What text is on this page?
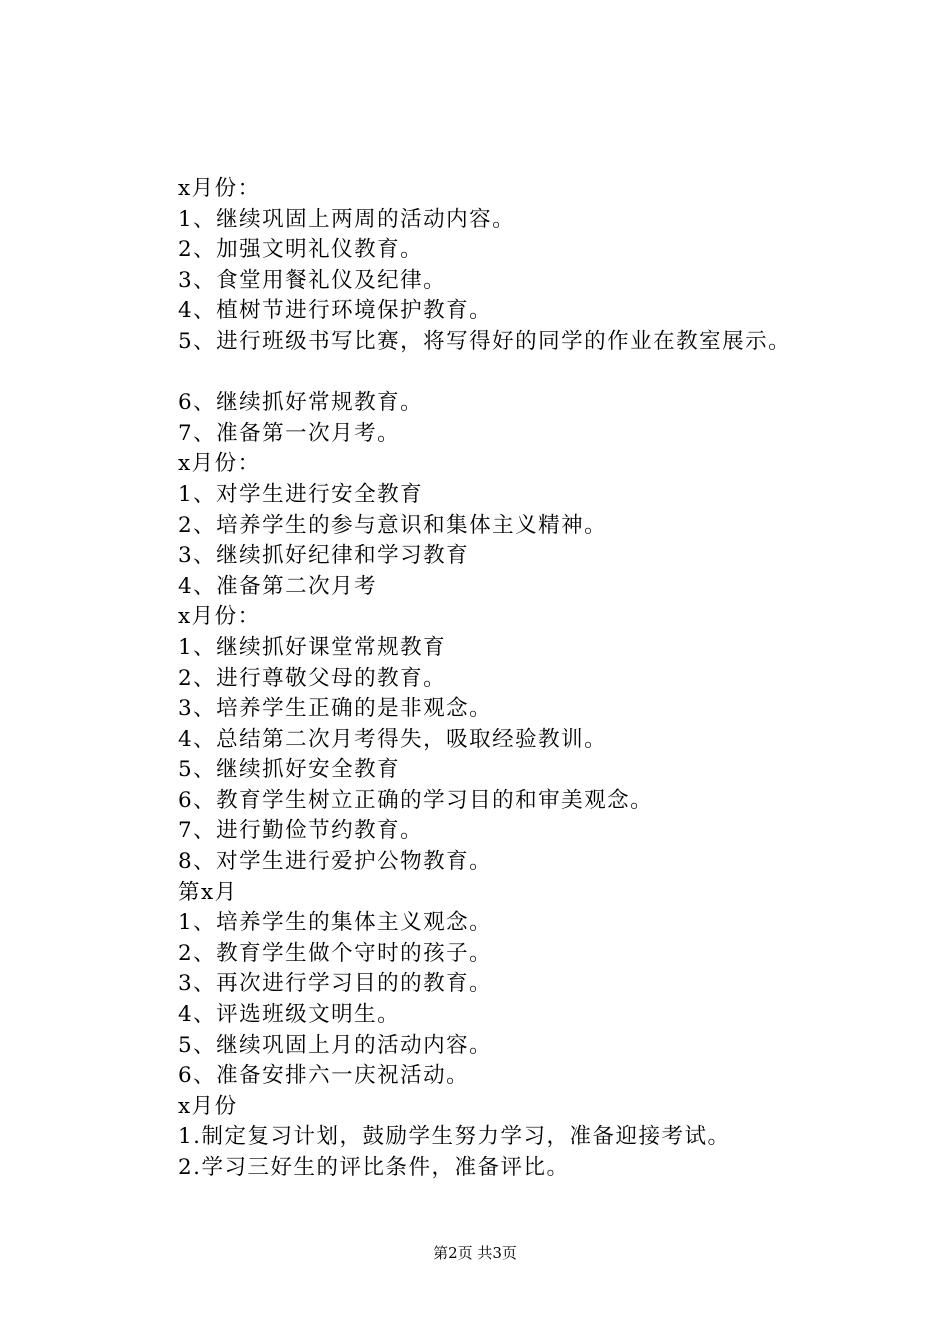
x月份：
1、继续巩固上两周的活动内容。
2、加强文明礼仪教育。
3、食堂用餐礼仪及纪律。
4、植树节进行环境保护教育。
5、进行班级书写比赛，将写得好的同学的作业在教室展示。
6、继续抓好常规教育。
7、准备第一次月考。
x月份：
1、对学生进行安全教育
2、培养学生的参与意识和集体主义精神。
3、继续抓好纪律和学习教育
4、准备第二次月考
x月份：
1、继续抓好课堂常规教育
2、进行尊敬父母的教育。
3、培养学生正确的是非观念。
4、总结第二次月考得失，吸取经验教训。
5、继续抓好安全教育
6、教育学生树立正确的学习目的和审美观念。
7、进行勤俭节约教育。
8、对学生进行爱护公物教育。
第x月
1、培养学生的集体主义观念。
2、教育学生做个守时的孩子。
3、再次进行学习目的的教育。
4、评选班级文明生。
5、继续巩固上月的活动内容。
6、准备安排六一庆祝活动。
x月份
1.制定复习计划，鼓励学生努力学习，准备迎接考试。
2.学习三好生的评比条件，准备评比。
第2页 共3页
